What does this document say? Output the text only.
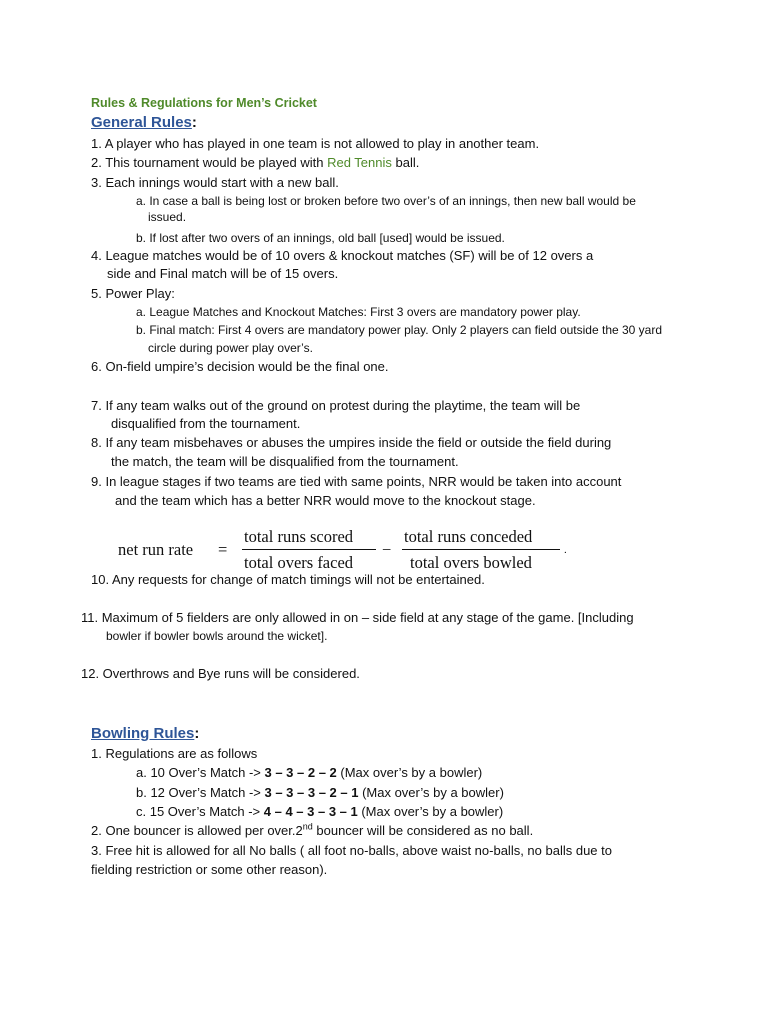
Rules & Regulations for Men’s Cricket
General Rules:
1. A player who has played in one team is not allowed to play in another team.
2. This tournament would be played with Red Tennis ball.
3. Each innings would start with a new ball.
a. In case a ball is being lost or broken before two over’s of an innings, then new ball would be
issued.
b. If lost after two overs of an innings, old ball [used] would be issued.
4. League matches would be of 10 overs & knockout matches (SF) will be of 12 overs a
side and Final match will be of 15 overs.
5. Power Play:
a. League Matches and Knockout Matches: First 3 overs are mandatory power play.
b. Final match: First 4 overs are mandatory power play. Only 2 players can field outside the 30 yard
circle during power play over’s.
6. On-field umpire’s decision would be the final one.
7. If any team walks out of the ground on protest during the playtime, the team will be
disqualified from the tournament.
8. If any team misbehaves or abuses the umpires inside the field or outside the field during
the match, the team will be disqualified from the tournament.
9. In league stages if two teams are tied with same points, NRR would be taken into account
and the team which has a better NRR would move to the knockout stage.
net run rate =
total runs scored
total overs faced
−
total runs conceded
total overs bowled
.
10. Any requests for change of match timings will not be entertained.
11. Maximum of 5 fielders are only allowed in on – side field at any stage of the game. [Including
bowler if bowler bowls around the wicket].
12. Overthrows and Bye runs will be considered.
Bowling Rules:
1. Regulations are as follows
a. 10 Over’s Match -> 3 – 3 – 2 – 2 (Max over’s by a bowler)
b. 12 Over’s Match -> 3 – 3 – 3 – 2 – 1 (Max over’s by a bowler)
c. 15 Over’s Match -> 4 – 4 – 3 – 3 – 1 (Max over’s by a bowler)
2. One bouncer is allowed per over.2nd bouncer will be considered as no ball.
3. Free hit is allowed for all No balls ( all foot no-balls, above waist no-balls, no balls due to
fielding restriction or some other reason).
